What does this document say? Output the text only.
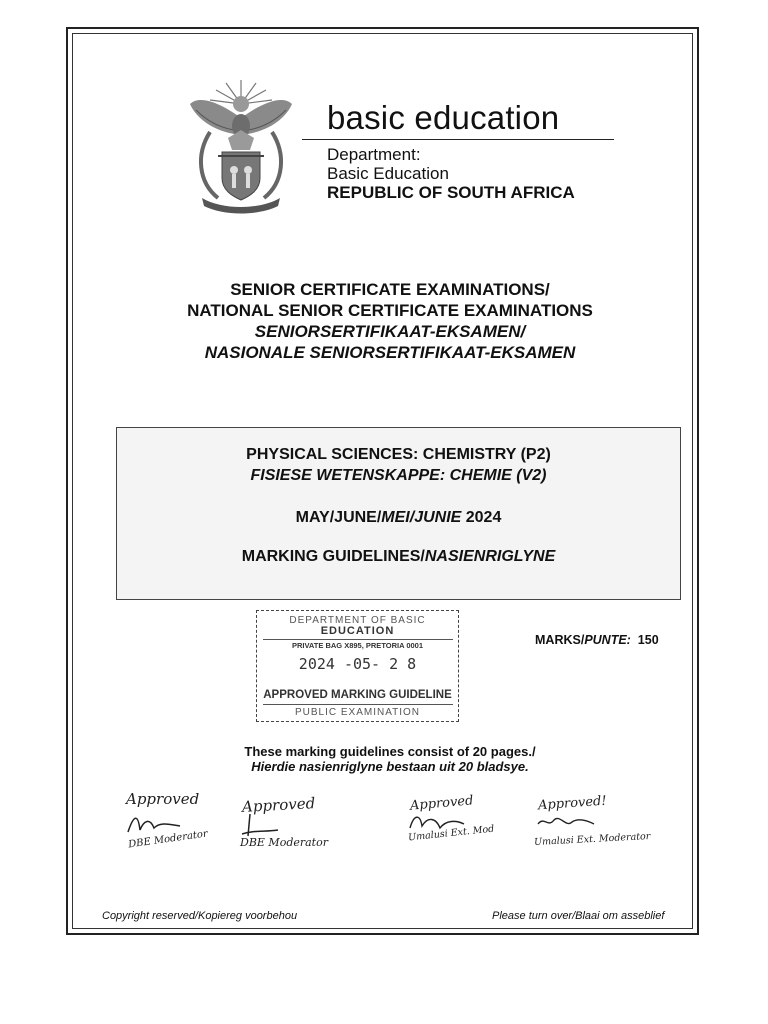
basic education
Department:
Basic Education
REPUBLIC OF SOUTH AFRICA
SENIOR CERTIFICATE EXAMINATIONS/
NATIONAL SENIOR CERTIFICATE EXAMINATIONS
SENIORSERTIFIKAAT-EKSAMEN/
NASIONALE SENIORSERTIFIKAAT-EKSAMEN
PHYSICAL SCIENCES: CHEMISTRY (P2)
FISIESE WETENSKAPPE: CHEMIE (V2)
MAY/JUNE/MEI/JUNIE 2024
MARKING GUIDELINES/NASIENRIGLYNE
DEPARTMENT OF BASIC
EDUCATION
PRIVATE BAG X895, PRETORIA 0001
2024 -05- 2 8
APPROVED MARKING GUIDELINE
PUBLIC EXAMINATION
MARKS/PUNTE: 150
These marking guidelines consist of 20 pages./
Hierdie nasienriglyne bestaan uit 20 bladsye.
Approved
DBE Moderator
Approved
DBE Moderator
Approved
Umalusi Ext. Mod
Approved!
Umalusi Ext. Moderator
Copyright reserved/Kopiereg voorbehou	Please turn over/Blaai om asseblief
